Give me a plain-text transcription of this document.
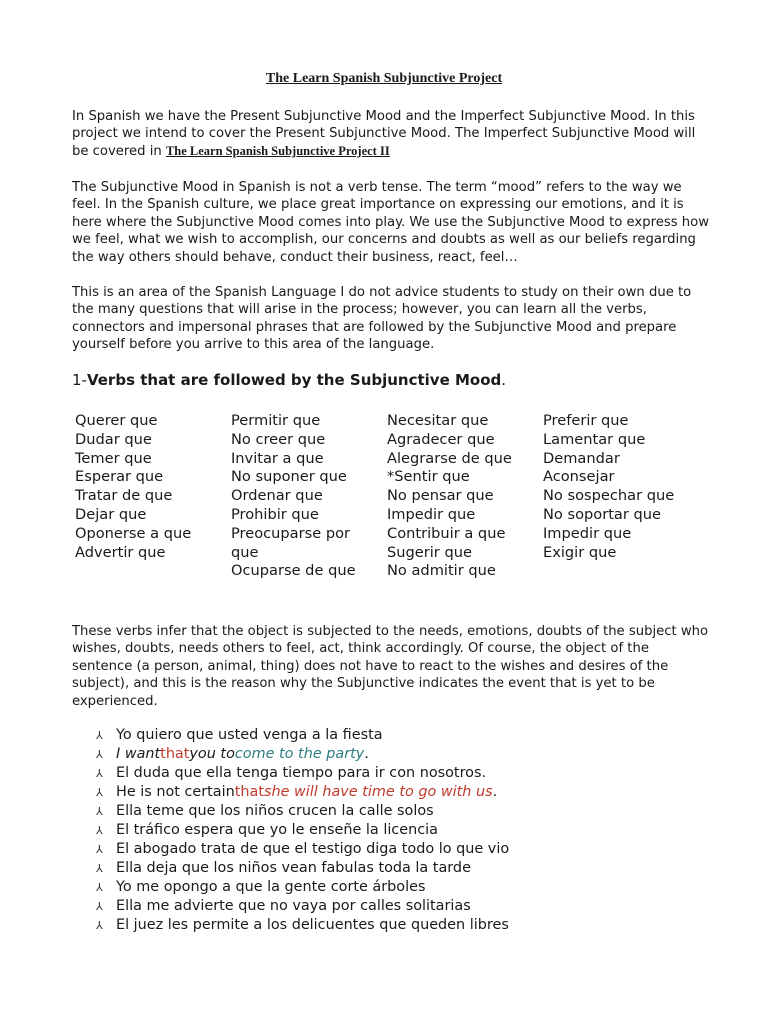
The Learn Spanish Subjunctive Project

In Spanish we have the Present Subjunctive Mood and the Imperfect Subjunctive Mood. In this project we intend to cover the Present Subjunctive Mood. The Imperfect Subjunctive Mood will be covered in The Learn Spanish Subjunctive Project II

The Subjunctive Mood in Spanish is not a verb tense. The term “mood” refers to the way we feel. In the Spanish culture, we place great importance on expressing our emotions, and it is here where the Subjunctive Mood comes into play. We use the Subjunctive Mood to express how we feel, what we wish to accomplish, our concerns and doubts as well as our beliefs regarding the way others should behave, conduct their business, react, feel…

This is an area of the Spanish Language I do not advice students to study on their own due to the many questions that will arise in the process; however, you can learn all the verbs, connectors and impersonal phrases that are followed by the Subjunctive Mood and prepare yourself before you arrive to this area of the language.

1-Verbs that are followed by the Subjunctive Mood.
Querer que
Dudar que
Temer que
Esperar que
Tratar de que
Dejar que
Oponerse a que
Advertir que
Permitir que
No creer que
Invitar a que
No suponer que
Ordenar que
Prohibir que
Preocuparse por que
Ocuparse de que
Necesitar que
Agradecer que
Alegrarse de que
*Sentir que
No pensar que
Impedir que
Contribuir a que
Sugerir que
No admitir que
Preferir que
Lamentar que
Demandar
Aconsejar
No sospechar que
No soportar que
Impedir que
Exigir que

These verbs infer that the object is subjected to the needs, emotions, doubts of the subject who wishes, doubts, needs others to feel, act, think accordingly. Of course, the object of the sentence (a person, animal, thing) does not have to react to the wishes and desires of the subject), and this is the reason why the Subjunctive indicates the event that is yet to be experienced.

⅄ Yo quiero que usted venga a la fiesta
⅄ I want that you to come to the party .
⅄ El duda que ella tenga tiempo para ir con nosotros.
⅄ He is not certain that she will have time to go with us .
⅄ Ella teme que los niños crucen la calle solos
⅄ El tráfico espera que yo le enseñe la licencia
⅄ El abogado trata de que el testigo diga todo lo que vio
⅄ Ella deja que los niños vean fabulas toda la tarde
⅄ Yo me opongo a que la gente corte árboles
⅄ Ella me advierte que no vaya por calles solitarias
⅄ El juez les permite a los delicuentes que queden libres
